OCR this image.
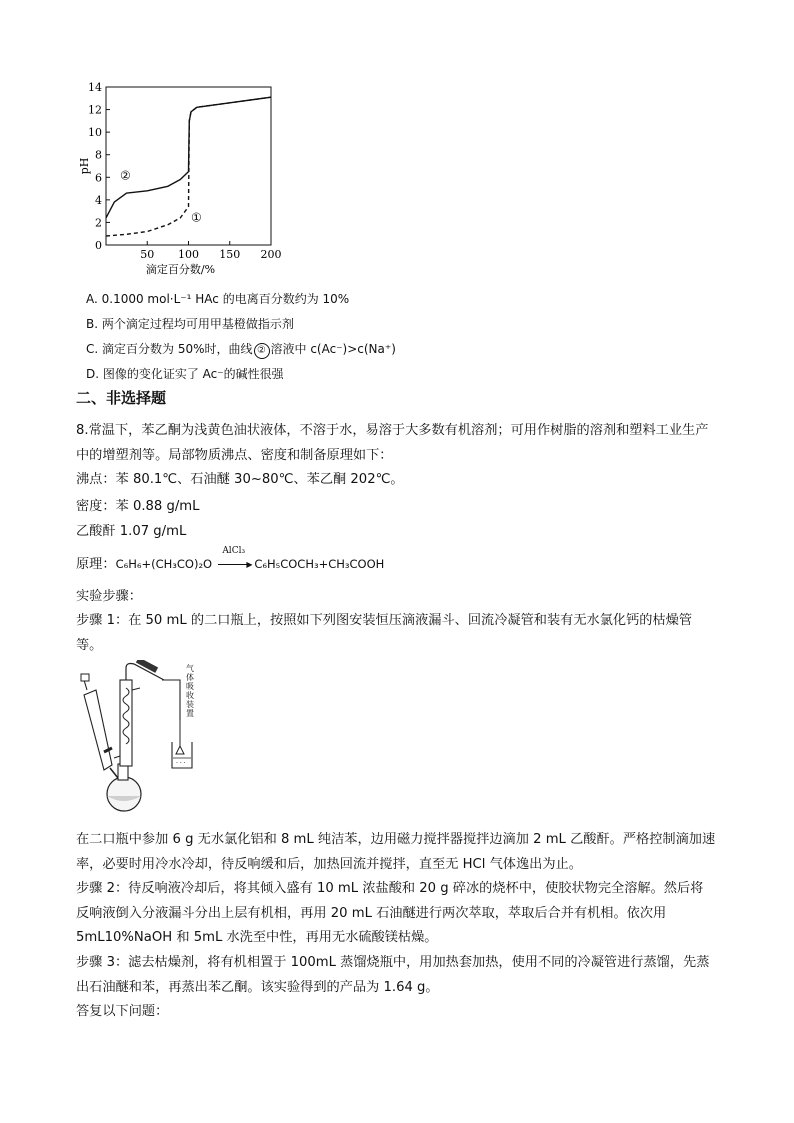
0
2
4
6
8
10
12
14
50 100 150 200
滴定百分数/%
pH
②
①
A. 0.1000 mol·L⁻¹ HAc 的电离百分数约为 10%
B. 两个滴定过程均可用甲基橙做指示剂
C. 滴定百分数为 50%时，曲线 ② 溶液中 c(Ac⁻)>c(Na⁺)
D. 图像的变化证实了 Ac⁻的碱性很强
二、非选择题
8.常温下，苯乙酮为浅黄色油状液体，不溶于水，易溶于大多数有机溶剂；可用作树脂的溶剂和塑料工业生产中的增塑剂等。局部物质沸点、密度和制备原理如下：
沸点：苯 80.1℃、石油醚 30~80℃、苯乙酮 202℃。
密度：苯 0.88 g/mL
乙酸酐 1.07 g/mL
原理：C₆H₆+(CH₃CO)₂O
AlCl₃
▶ C₆H₅COCH₃+CH₃COOH
实验步骤：
步骤 1：在 50 mL 的二口瓶上，按照如下列图安装恒压滴液漏斗、回流冷凝管和装有无水氯化钙的枯燥管等。
· · ·
气体吸收装置
在二口瓶中参加 6 g 无水氯化铝和 8 mL 纯洁苯，边用磁力搅拌器搅拌边滴加 2 mL 乙酸酐。严格控制滴加速率，必要时用冷水冷却，待反响缓和后，加热回流并搅拌，直至无 HCl 气体逸出为止。
步骤 2：待反响液冷却后，将其倾入盛有 10 mL 浓盐酸和 20 g 碎冰的烧杯中，使胶状物完全溶解。然后将反响液倒入分液漏斗分出上层有机相，再用 20 mL 石油醚进行两次萃取，萃取后合并有机相。依次用 5mL10%NaOH 和 5mL 水洗至中性，再用无水硫酸镁枯燥。
步骤 3：滤去枯燥剂，将有机相置于 100mL 蒸馏烧瓶中，用加热套加热，使用不同的冷凝管进行蒸馏，先蒸出石油醚和苯，再蒸出苯乙酮。该实验得到的产品为 1.64 g。
答复以下问题：
